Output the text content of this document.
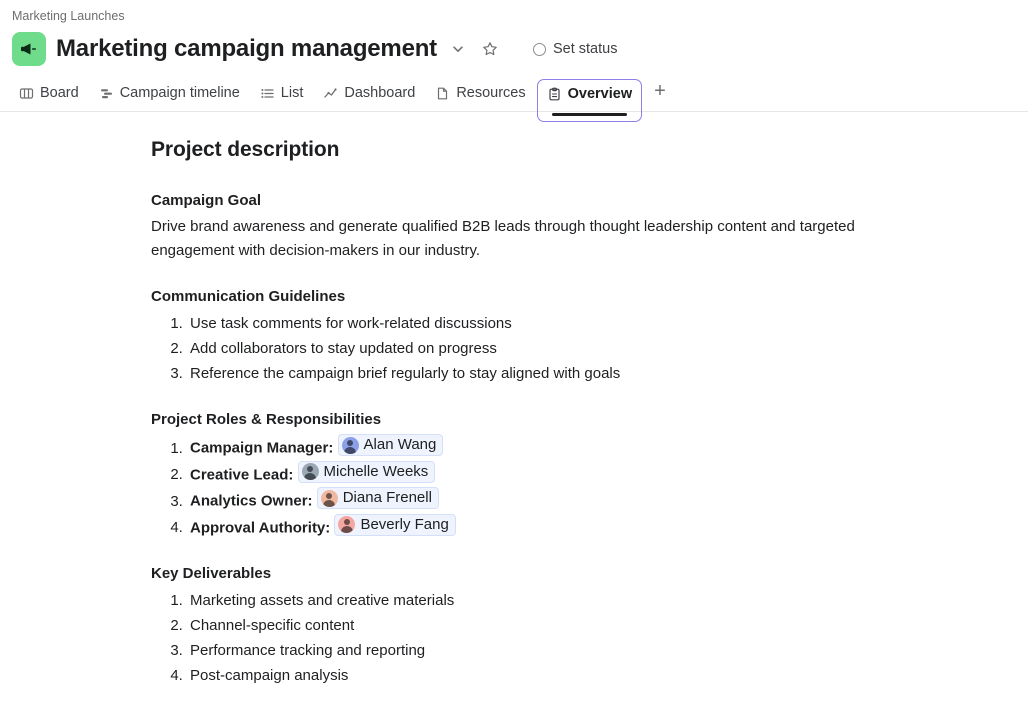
Marketing Launches
Marketing campaign management	Set status
Board	Campaign timeline	List	Dashboard	Resources	Overview	+
Project description
Campaign Goal

Drive brand awareness and generate qualified B2B leads through thought leadership content and targeted engagement with decision-makers in our industry.

Communication Guidelines
1. Use task comments for work-related discussions
2. Add collaborators to stay updated on progress
3. Reference the campaign brief regularly to stay aligned with goals
Project Roles & Responsibilities
1. Campaign Manager: Alan Wang
2. Creative Lead: Michelle Weeks
3. Analytics Owner: Diana Frenell
4. Approval Authority: Beverly Fang
Key Deliverables
1. Marketing assets and creative materials
2. Channel-specific content
3. Performance tracking and reporting
4. Post-campaign analysis
